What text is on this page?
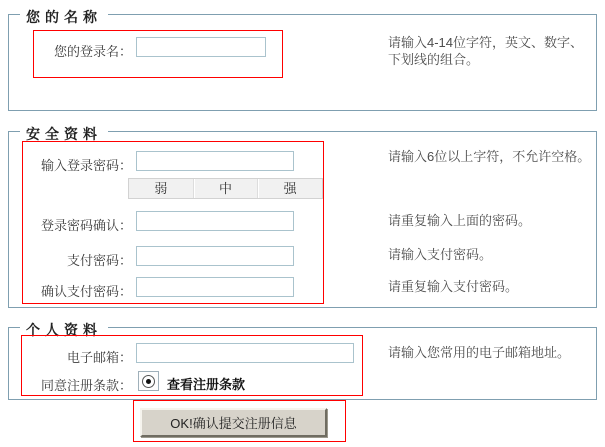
您的名称
您的登录名：
请输入4-14位字符，英文、数字、下划线的组合。
安全资料
输入登录密码：
请输入6位以上字符，不允许空格。
弱	中	强
登录密码确认：	请重复输入上面的密码。
支付密码：	请输入支付密码。
确认支付密码：	请重复输入支付密码。
个人资料
电子邮箱：	请输入您常用的电子邮箱地址。
同意注册条款：	查看注册条款
OK!确认提交注册信息
